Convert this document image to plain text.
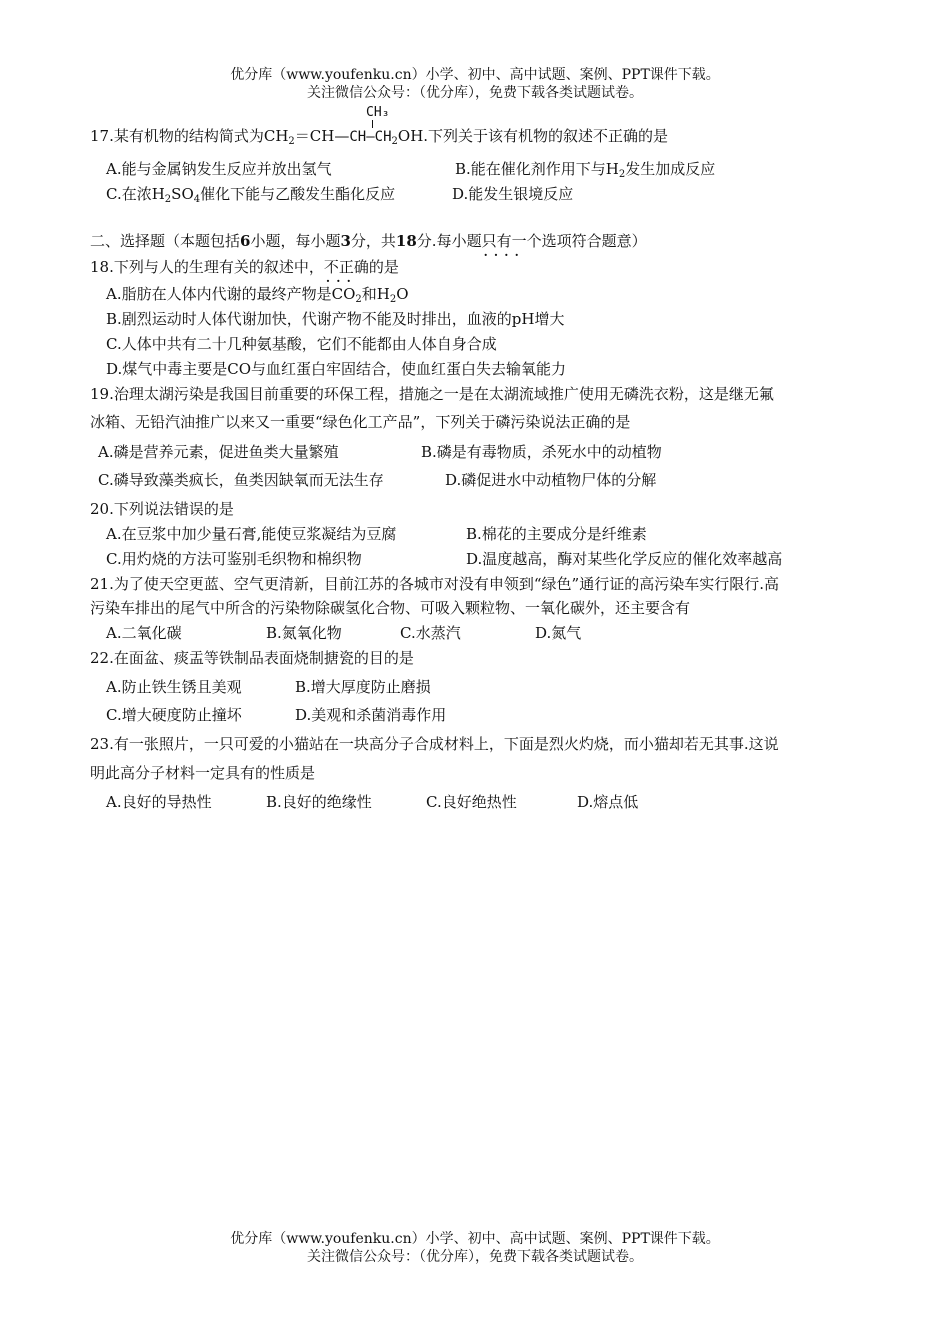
优分库（www.youfenku.cn）小学、初中、高中试题、案例、PPT课件下载。
关注微信公众号：（优分库），免费下载各类试题试卷。
CH₃
17.某有机物的结构简式为$CH_2=CH—CH—CH_2OH$.下列关于该有机物的叙述不正确的是
A.能与金属钠发生反应并放出氢气	B.能在催化剂作用下与$H_2$发生加成反应
C.在浓$H_2SO_4$催化下能与乙酸发生酯化反应	D.能发生银境反应
二、选择题（本题包括6小题，每小题3分，共18分.每小题只有一个 · · · ·选项符合题意）
18.下列与人的生理有关的叙述中，不正确 · · ·的是
A.脂肪在人体内代谢的最终产物是$CO_2$和$H_2O$
B.剧烈运动时人体代谢加快，代谢产物不能及时排出，血液的pH增大
C.人体中共有二十几种氨基酸，它们不能都由人体自身合成
D.煤气中毒主要是CO与血红蛋白牢固结合，使血红蛋白失去输氧能力
19.治理太湖污染是我国目前重要的环保工程，措施之一是在太湖流域推广使用无磷洗衣粉，这是继无氟
冰箱、无铅汽油推广以来又一重要“绿色化工产品”，下列关于磷污染说法正确的是
A.磷是营养元素，促进鱼类大量繁殖	B.磷是有毒物质，杀死水中的动植物
C.磷导致藻类疯长，鱼类因缺氧而无法生存	D.磷促进水中动植物尸体的分解
20.下列说法错误的是
A.在豆浆中加少量石膏,能使豆浆凝结为豆腐	B.棉花的主要成分是纤维素
C.用灼烧的方法可鉴别毛织物和棉织物	D.温度越高，酶对某些化学反应的催化效率越高
21.为了使天空更蓝、空气更清新，目前江苏的各城市对没有申领到“绿色”通行证的高污染车实行限行.高
污染车排出的尾气中所含的污染物除碳氢化合物、可吸入颗粒物、一氧化碳外，还主要含有
A.二氧化碳	B.氮氧化物	C.水蒸汽	D.氮气
22.在面盆、痰盂等铁制品表面烧制搪瓷的目的是
A.防止铁生锈且美观	B.增大厚度防止磨损
C.增大硬度防止撞坏	D.美观和杀菌消毒作用
23.有一张照片，一只可爱的小猫站在一块高分子合成材料上，下面是烈火灼烧，而小猫却若无其事.这说
明此高分子材料一定具有的性质是
A.良好的导热性	B.良好的绝缘性	C.良好绝热性	D.熔点低
优分库（www.youfenku.cn）小学、初中、高中试题、案例、PPT课件下载。
关注微信公众号：（优分库），免费下载各类试题试卷。
